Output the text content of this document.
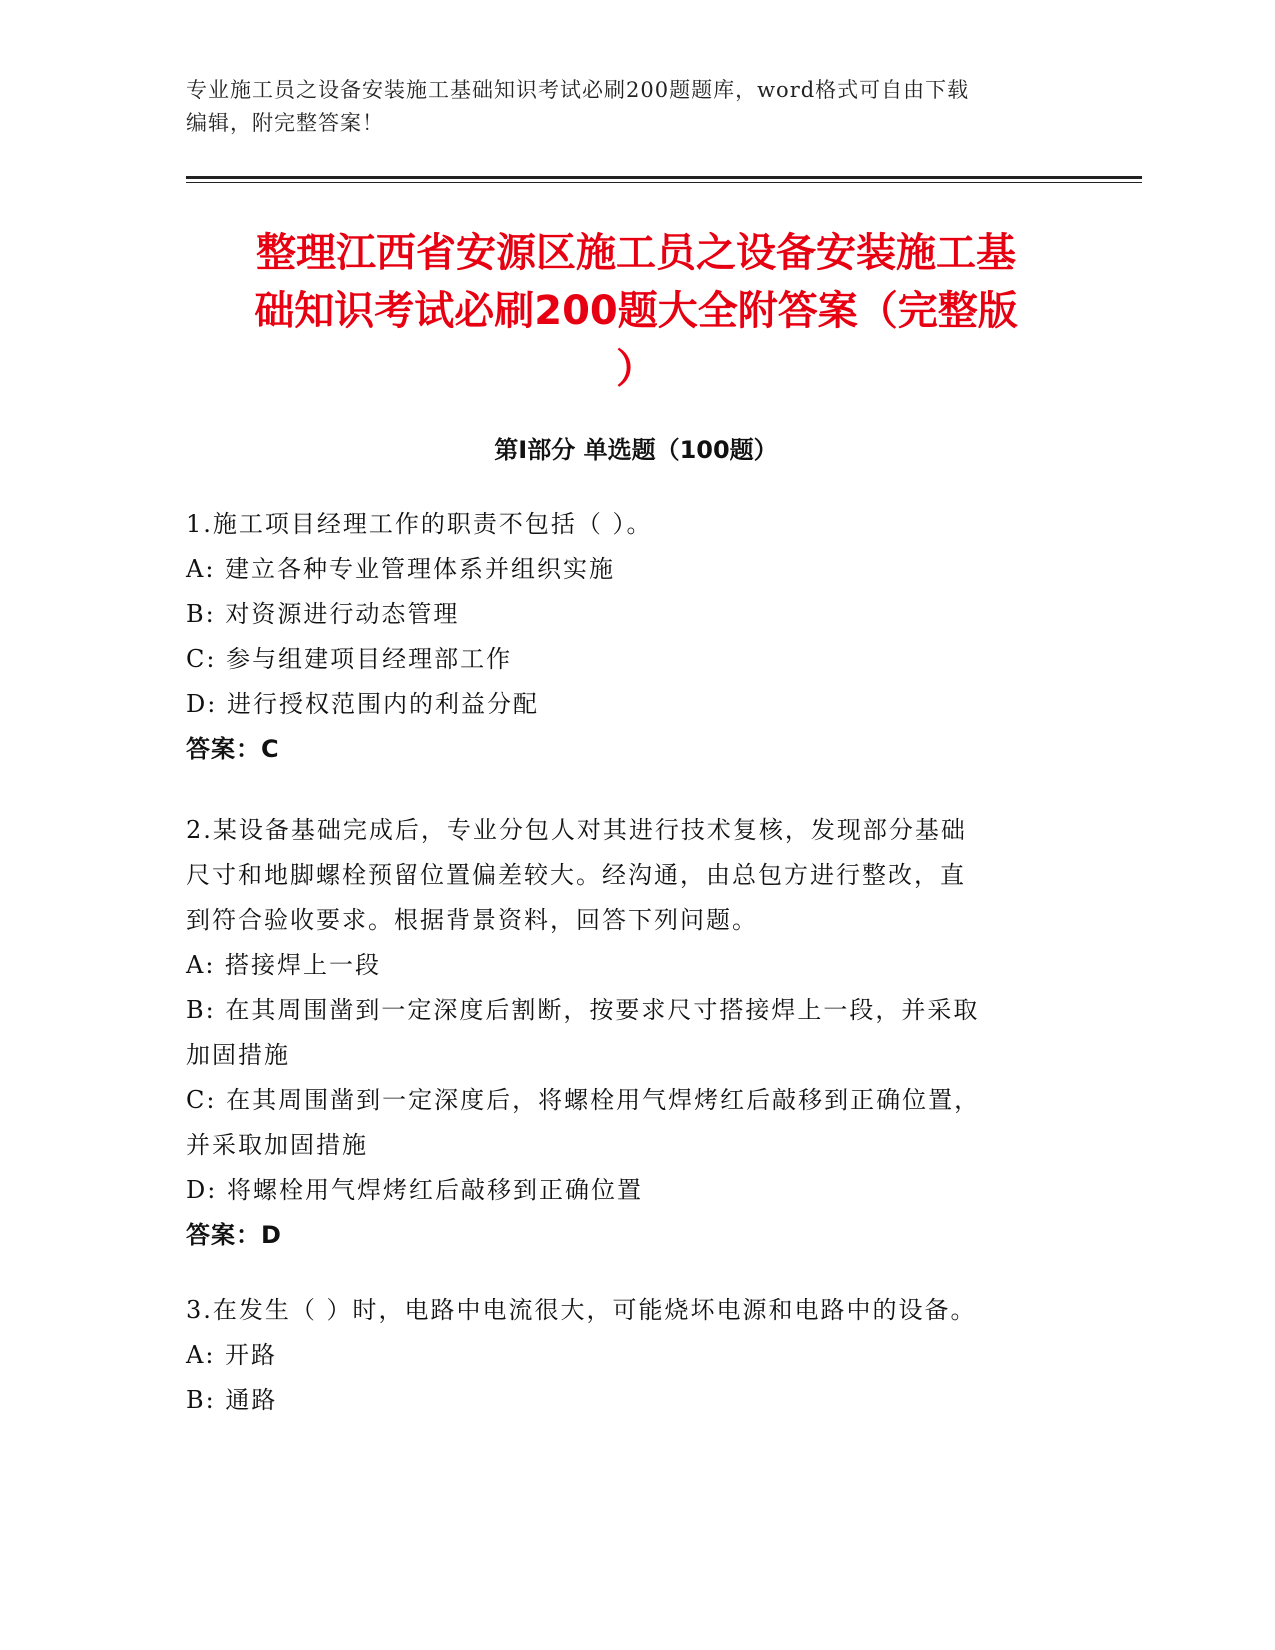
专业施工员之设备安装施工基础知识考试必刷200题题库，word格式可自由下载
编辑，附完整答案！
整理江西省安源区施工员之设备安装施工基
础知识考试必刷200题大全附答案（完整版
）
第I部分 单选题（100题）
1.施工项目经理工作的职责不包括（ ）。
A: 建立各种专业管理体系并组织实施
B: 对资源进行动态管理
C: 参与组建项目经理部工作
D: 进行授权范围内的利益分配
答案：C
2.某设备基础完成后，专业分包人对其进行技术复核，发现部分基础
尺寸和地脚螺栓预留位置偏差较大。经沟通，由总包方进行整改，直
到符合验收要求。根据背景资料，回答下列问题。
A: 搭接焊上一段
B: 在其周围凿到一定深度后割断，按要求尺寸搭接焊上一段，并采取
加固措施
C: 在其周围凿到一定深度后，将螺栓用气焊烤红后敲移到正确位置，
并采取加固措施
D: 将螺栓用气焊烤红后敲移到正确位置
答案：D
3.在发生（ ）时，电路中电流很大，可能烧坏电源和电路中的设备。
A: 开路
B: 通路
